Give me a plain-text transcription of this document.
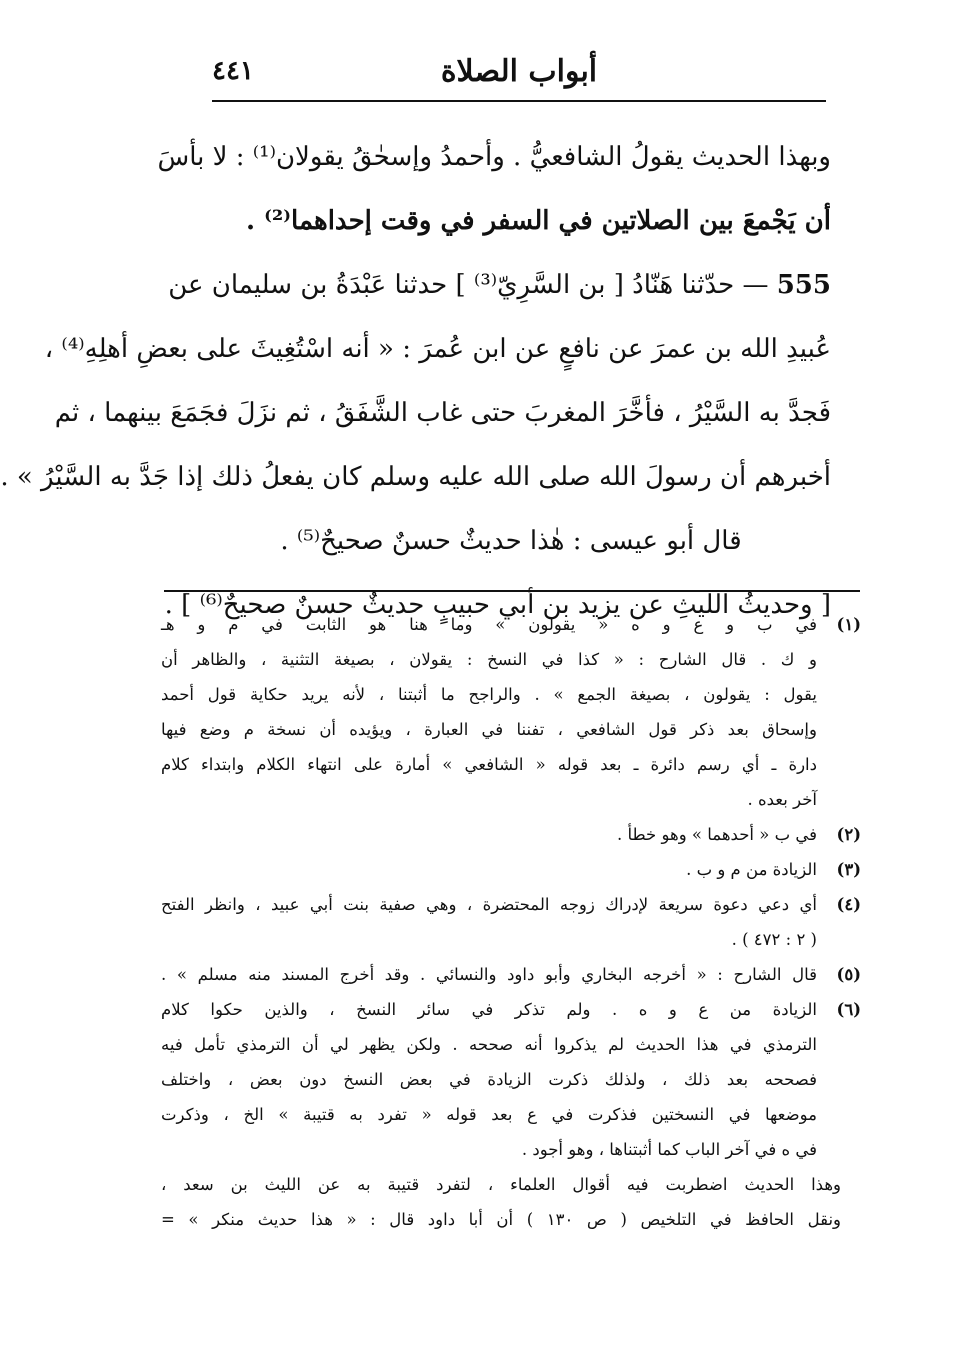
أبواب الصلاة
٤٤١
وبهذا الحديث يقولُ الشافعيُّ . وأحمدُ وإسحٰقُ يقولان⁽¹⁾ : لا بأسَ
أن يَجْمعَ بين الصلاتين في السفر في وقت إحداهما⁽²⁾ .
555 — حدّثنا هَنّادُ [ بن السَّرِيّ⁽³⁾ ] حدثنا عَبْدَةُ بن سليمان عن
عُبيدِ الله بن عمرَ عن نافعٍ عن ابن عُمرَ : « أنه اسْتُغِيثَ على بعضِ أهلِهِ⁽⁴⁾ ،
فَجدَّ به السَّيْرُ ، فأخَّرَ المغربَ حتى غاب الشَّفَقُ ، ثم نزَلَ فجَمَعَ بينهما ، ثم
أخبرهم أن رسولَ الله صلى الله عليه وسلم كان يفعلُ ذلك إذا جَدَّ به السَّيْرُ » .
قال أبو عيسى : هٰذا حديثٌ حسنٌ صحيحٌ⁽⁵⁾ .
[ وحديثُ الليثِ عن يزيد بن أبي حبيبٍ حديثٌ حسنٌ صحيحٌ⁽⁶⁾ ] .
(١)
في ب و ع و ه « يقولون » وما هنا هو الثابت في م و هـ
و ك . قال الشارح : « كذا في النسخ : يقولان ، بصيغة التثنية ، والظاهر أن
يقول : يقولون ، بصيغة الجمع » . والراجح ما أثبتنا ، لأنه يريد حكاية قول أحمد
وإسحاق بعد ذكر قول الشافعي ، تفننا في العبارة ، ويؤيده أن نسخة م وضع فيها
دارة ـ أي رسم دائرة ـ بعد قوله « الشافعي » أمارة على انتهاء الكلام وابتداء كلام
آخر بعده .
(٢)
في ب « أحدهما » وهو خطأ .
(٣)
الزيادة من م و ب .
(٤)
أي دعي دعوة سريعة لإدراك زوجه المحتضرة ، وهي صفية بنت أبي عبيد ، وانظر الفتح
( ٢ : ٤٧٢ ) .
(٥)
قال الشارح : « أخرجه البخاري وأبو داود والنسائي . وقد أخرج المسند منه مسلم » .
(٦)
الزيادة من ع و ه . ولم تذكر في سائر النسخ ، والذين حكوا كلام
الترمذي في هذا الحديث لم يذكروا أنه صححه . ولكن يظهر لي أن الترمذي تأمل فيه
فصححه بعد ذلك ، ولذلك ذكرت الزيادة في بعض النسخ دون بعض ، واختلف
موضعها في النسختين فذكرت في ع بعد قوله « تفرد به قتيبة » الخ ، وذكرت
في ه في آخر الباب كما أثبتناها ، وهو أجود .
وهذا الحديث اضطربت فيه أقوال العلماء ، لتفرد قتيبة به عن الليث بن سعد ،
ونقل الحافظ في التلخيص ( ص ١٣٠ ) أن أبا داود قال : « هذا حديث منكر » =
